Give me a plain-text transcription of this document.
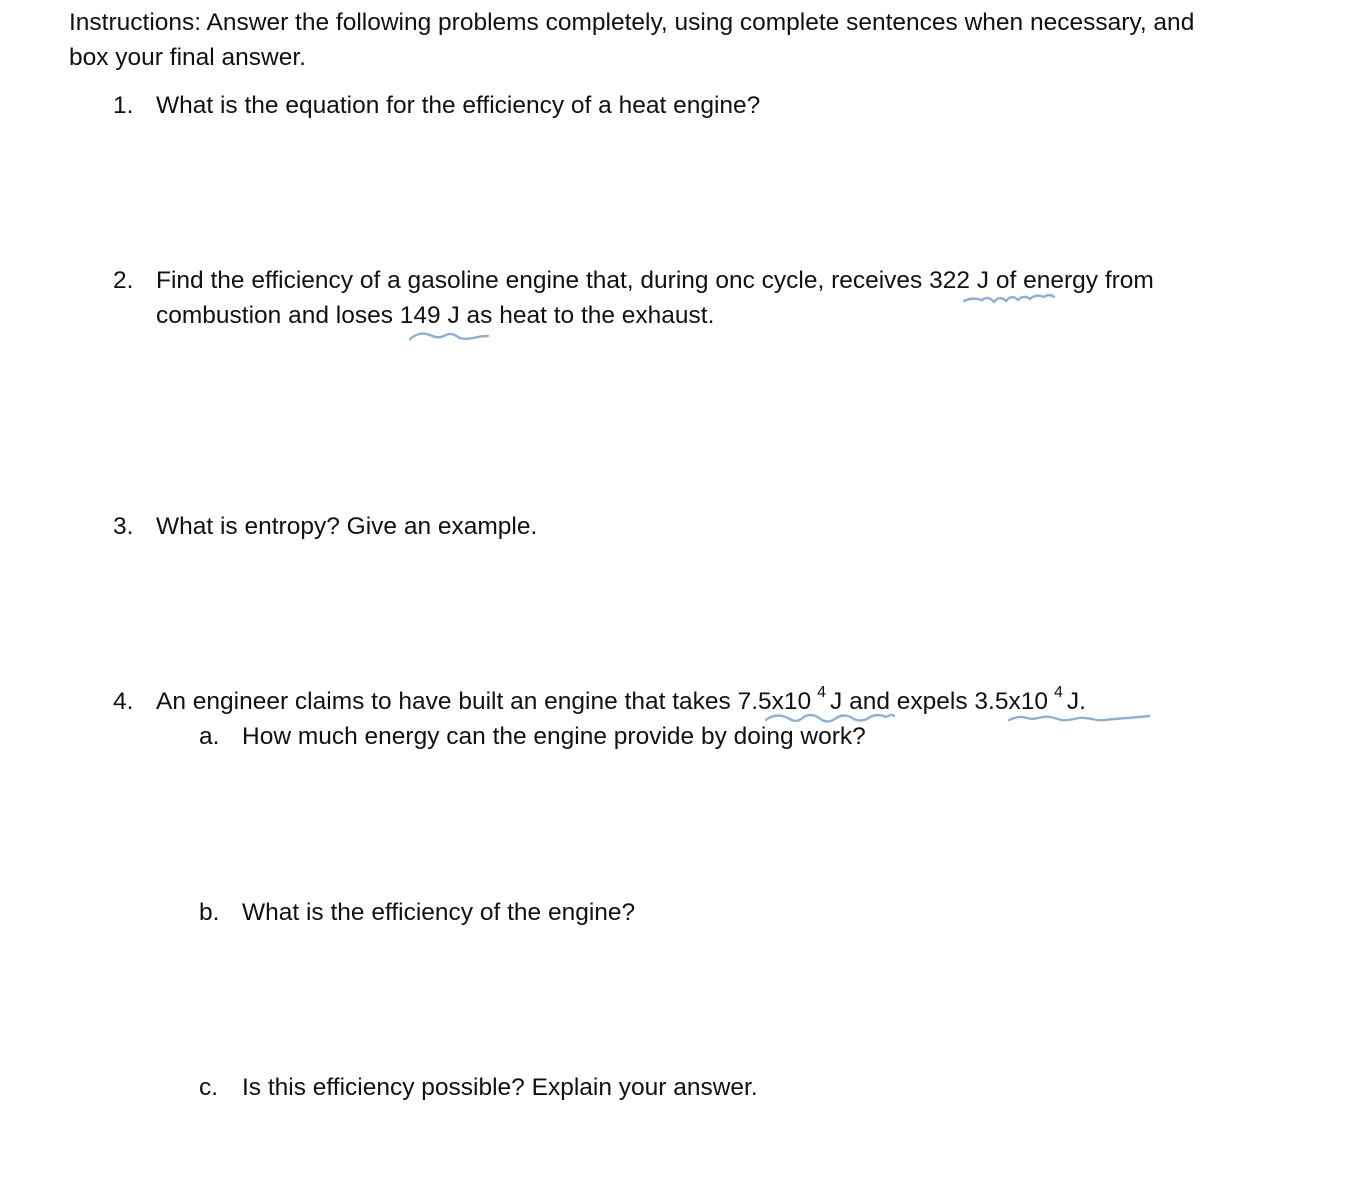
Instructions: Answer the following problems completely, using complete sentences when necessary, and
box your final answer.
1. What is the equation for the efficiency of a heat engine?
2. Find the efficiency of a gasoline engine that, during onc cycle, receives 322 J of energy from
combustion and loses 149 J as heat to the exhaust.
3. What is entropy? Give an example.
4. An engineer claims to have built an engine that takes 7.5x10 $^4$ J and expels 3.5x10 $^4$ J.
a. How much energy can the engine provide by doing work?
b. What is the efficiency of the engine?
c. Is this efficiency possible? Explain your answer.
